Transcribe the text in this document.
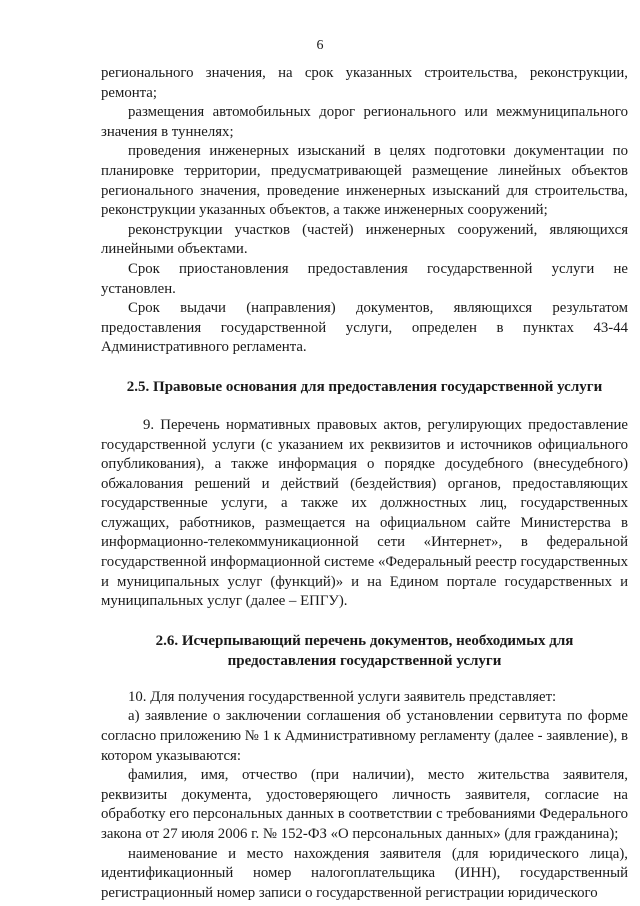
6

регионального значения, на срок указанных строительства, реконструкции, ремонта;

размещения автомобильных дорог регионального или межмуниципального значения в туннелях;

проведения инженерных изысканий в целях подготовки документации по планировке территории, предусматривающей размещение линейных объектов регионального значения, проведение инженерных изысканий для строительства, реконструкции указанных объектов, а также инженерных сооружений;

реконструкции участков (частей) инженерных сооружений, являющихся линейными объектами.

Срок приостановления предоставления государственной услуги не установлен.

Срок выдачи (направления) документов, являющихся результатом предоставления государственной услуги, определен в пунктах 43-44 Административного регламента.

2.5. Правовые основания для предоставления государственной услуги

9. Перечень нормативных правовых актов, регулирующих предоставление государственной услуги (с указанием их реквизитов и источников официального опубликования), а также информация о порядке досудебного (внесудебного) обжалования решений и действий (бездействия) органов, предоставляющих государственные услуги, а также их должностных лиц, государственных служащих, работников, размещается на официальном сайте Министерства в информационно-телекоммуникационной сети «Интернет», в федеральной государственной информационной системе «Федеральный реестр государственных и муниципальных услуг (функций)» и на Едином портале государственных и муниципальных услуг (далее – ЕПГУ).

2.6. Исчерпывающий перечень документов, необходимых для предоставления государственной услуги

10. Для получения государственной услуги заявитель представляет:

а) заявление о заключении соглашения об установлении сервитута по форме согласно приложению № 1 к Административному регламенту (далее - заявление), в котором указываются:

фамилия, имя, отчество (при наличии), место жительства заявителя, реквизиты документа, удостоверяющего личность заявителя, согласие на обработку его персональных данных в соответствии с требованиями Федерального закона от 27 июля 2006 г. № 152-ФЗ «О персональных данных» (для гражданина);

наименование и место нахождения заявителя (для юридического лица), идентификационный номер налогоплательщика (ИНН), государственный регистрационный номер записи о государственной регистрации юридического
